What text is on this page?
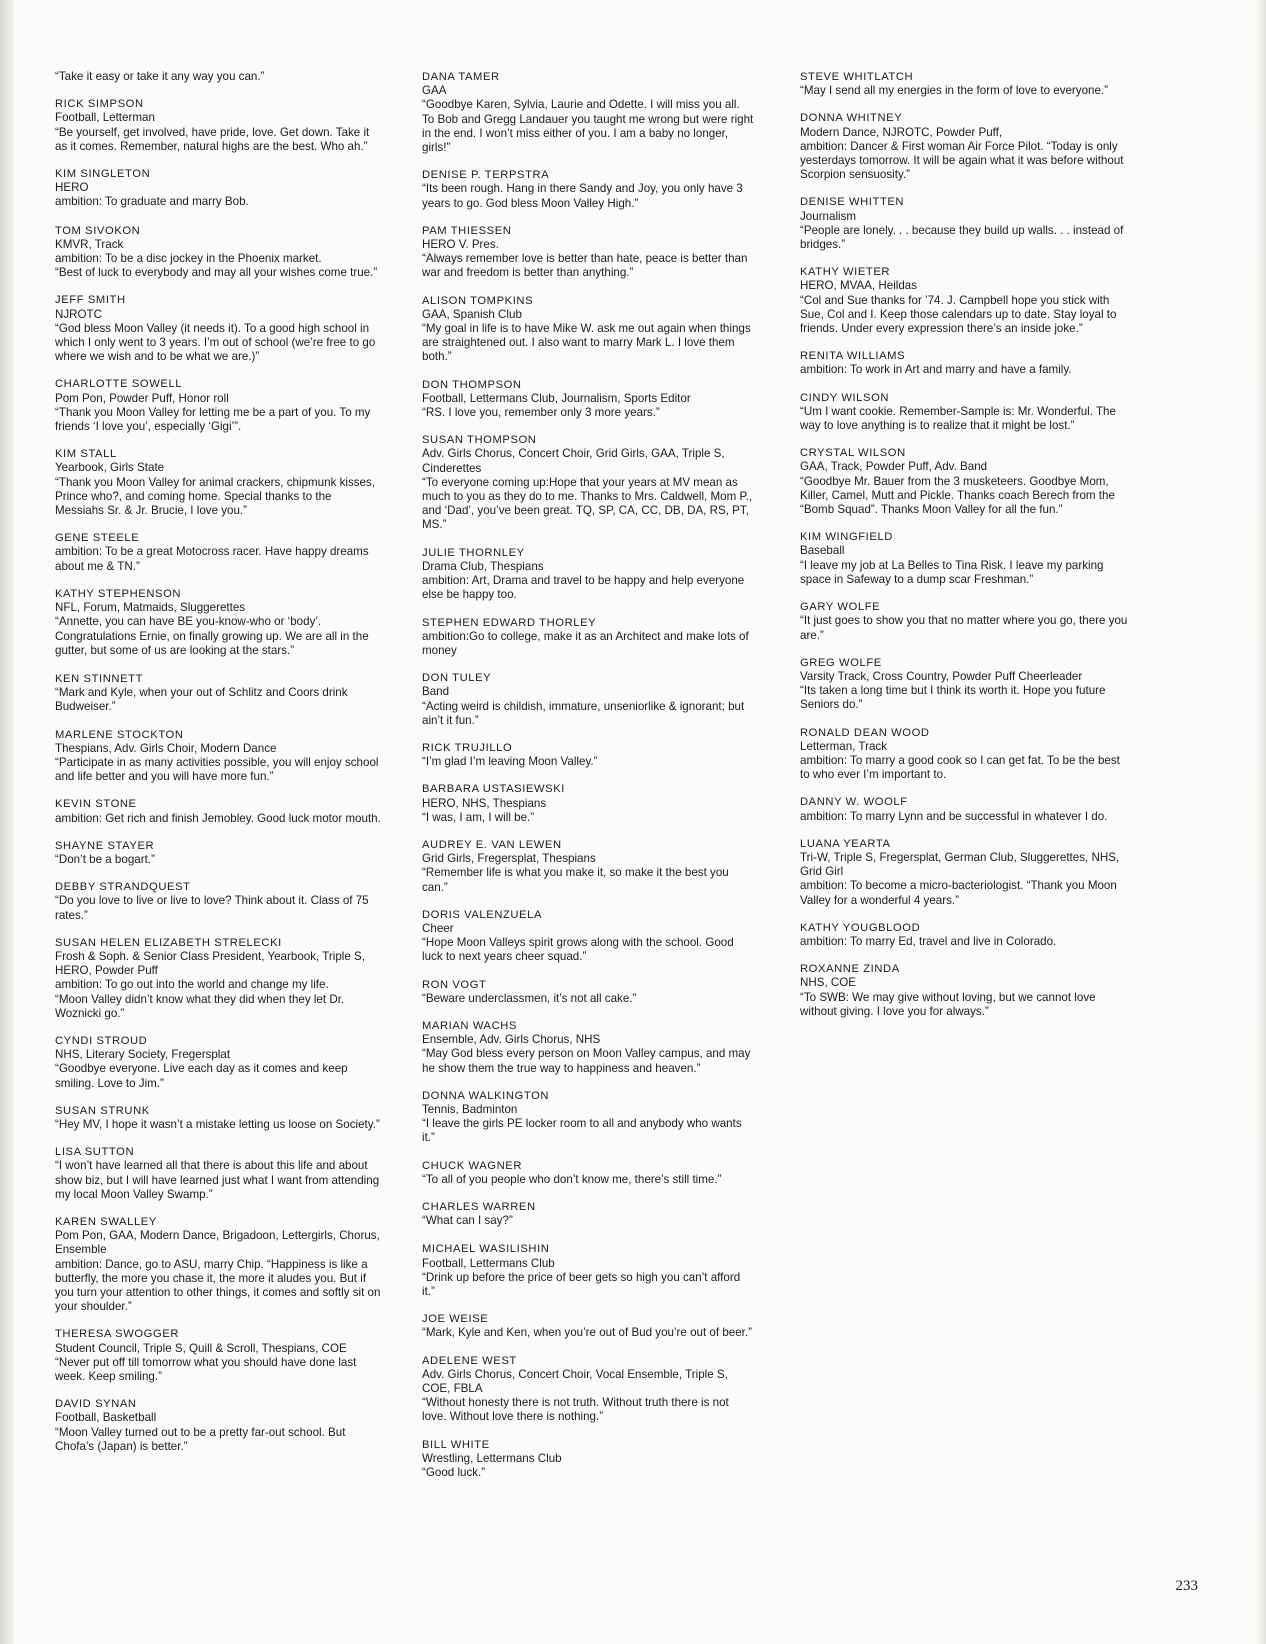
“Take it easy or take it any way you can.”
RICK SIMPSON
Football, Letterman
“Be yourself, get involved, have pride, love. Get down. Take it as it comes. Remember, natural highs are the best. Who ah.”
KIM SINGLETON
HERO
ambition: To graduate and marry Bob.
TOM SIVOKON
KMVR, Track
ambition: To be a disc jockey in the Phoenix market.
“Best of luck to everybody and may all your wishes come true.”
JEFF SMITH
NJROTC
“God bless Moon Valley (it needs it). To a good high school in which I only went to 3 years. I’m out of school (we’re free to go where we wish and to be what we are.)”
CHARLOTTE SOWELL
Pom Pon, Powder Puff, Honor roll
“Thank you Moon Valley for letting me be a part of you. To my friends ‘I love you’, especially ‘Gigi’”.
KIM STALL
Yearbook, Girls State
“Thank you Moon Valley for animal crackers, chipmunk kisses, Prince who?, and coming home. Special thanks to the Messiahs Sr. & Jr. Brucie, I love you.”
GENE STEELE
ambition: To be a great Motocross racer. Have happy dreams about me & TN.”
KATHY STEPHENSON
NFL, Forum, Matmaids, Sluggerettes
“Annette, you can have BE you-know-who or ‘body’. Congratulations Ernie, on finally growing up. We are all in the gutter, but some of us are looking at the stars.”
KEN STINNETT
“Mark and Kyle, when your out of Schlitz and Coors drink Budweiser.”
MARLENE STOCKTON
Thespians, Adv. Girls Choir, Modern Dance
“Participate in as many activities possible, you will enjoy school and life better and you will have more fun.”
KEVIN STONE
ambition: Get rich and finish Jemobley. Good luck motor mouth.
SHAYNE STAYER
“Don’t be a bogart.”
DEBBY STRANDQUEST
“Do you love to live or live to love? Think about it. Class of 75 rates.”
SUSAN HELEN ELIZABETH STRELECKI
Frosh & Soph. & Senior Class President, Yearbook, Triple S, HERO, Powder Puff
ambition: To go out into the world and change my life.
“Moon Valley didn’t know what they did when they let Dr. Woznicki go.”
CYNDI STROUD
NHS, Literary Society, Fregersplat
“Goodbye everyone. Live each day as it comes and keep smiling. Love to Jim.”
SUSAN STRUNK
“Hey MV, I hope it wasn’t a mistake letting us loose on Society.”
LISA SUTTON
“I won’t have learned all that there is about this life and about show biz, but I will have learned just what I want from attending my local Moon Valley Swamp.”
KAREN SWALLEY
Pom Pon, GAA, Modern Dance, Brigadoon, Lettergirls, Chorus, Ensemble
ambition: Dance, go to ASU, marry Chip. “Happiness is like a butterfly, the more you chase it, the more it aludes you. But if you turn your attention to other things, it comes and softly sit on your shoulder.”
THERESA SWOGGER
Student Council, Triple S, Quill & Scroll, Thespians, COE
“Never put off till tomorrow what you should have done last week. Keep smiling.”
DAVID SYNAN
Football, Basketball
“Moon Valley turned out to be a pretty far-out school. But Chofa’s (Japan) is better.”
DANA TAMER
GAA
“Goodbye Karen, Sylvia, Laurie and Odette. I will miss you all. To Bob and Gregg Landauer you taught me wrong but were right in the end. I won’t miss either of you. I am a baby no longer, girls!”
DENISE P. TERPSTRA
“Its been rough. Hang in there Sandy and Joy, you only have 3 years to go. God bless Moon Valley High.”
PAM THIESSEN
HERO V. Pres.
“Always remember love is better than hate, peace is better than war and freedom is better than anything.”
ALISON TOMPKINS
GAA, Spanish Club
“My goal in life is to have Mike W. ask me out again when things are straightened out. I also want to marry Mark L. I love them both.”
DON THOMPSON
Football, Lettermans Club, Journalism, Sports Editor
“RS. I love you, remember only 3 more years.”
SUSAN THOMPSON
Adv. Girls Chorus, Concert Choir, Grid Girls, GAA, Triple S, Cinderettes
“To everyone coming up:Hope that your years at MV mean as much to you as they do to me. Thanks to Mrs. Caldwell, Mom P., and ‘Dad’, you’ve been great. TQ, SP, CA, CC, DB, DA, RS, PT, MS.”
JULIE THORNLEY
Drama Club, Thespians
ambition: Art, Drama and travel to be happy and help everyone else be happy too.
STEPHEN EDWARD THORLEY
ambition:Go to college, make it as an Architect and make lots of money
DON TULEY
Band
“Acting weird is childish, immature, unseniorlike & ignorant; but ain’t it fun.”
RICK TRUJILLO
“I’m glad I’m leaving Moon Valley.”
BARBARA USTASIEWSKI
HERO, NHS, Thespians
“I was, I am, I will be.”
AUDREY E. VAN LEWEN
Grid Girls, Fregersplat, Thespians
“Remember life is what you make it, so make it the best you can.”
DORIS VALENZUELA
Cheer
“Hope Moon Valleys spirit grows along with the school. Good luck to next years cheer squad.”
RON VOGT
“Beware underclassmen, it’s not all cake.”
MARIAN WACHS
Ensemble, Adv. Girls Chorus, NHS
“May God bless every person on Moon Valley campus, and may he show them the true way to happiness and heaven.”
DONNA WALKINGTON
Tennis, Badminton
“I leave the girls PE locker room to all and anybody who wants it.”
CHUCK WAGNER
“To all of you people who don’t know me, there’s still time.”
CHARLES WARREN
“What can I say?”
MICHAEL WASILISHIN
Football, Lettermans Club
“Drink up before the price of beer gets so high you can’t afford it.”
JOE WEISE
“Mark, Kyle and Ken, when you’re out of Bud you’re out of beer.”
ADELENE WEST
Adv. Girls Chorus, Concert Choir, Vocal Ensemble, Triple S, COE, FBLA
“Without honesty there is not truth. Without truth there is not love. Without love there is nothing.”
BILL WHITE
Wrestling, Lettermans Club
“Good luck.”
STEVE WHITLATCH
“May I send all my energies in the form of love to everyone.”
DONNA WHITNEY
Modern Dance, NJROTC, Powder Puff,
ambition: Dancer & First woman Air Force Pilot. “Today is only yesterdays tomorrow. It will be again what it was before without Scorpion sensuosity.”
DENISE WHITTEN
Journalism
“People are lonely. . . because they build up walls. . . instead of bridges.”
KATHY WIETER
HERO, MVAA, Heildas
“Col and Sue thanks for ’74. J. Campbell hope you stick with Sue, Col and I. Keep those calendars up to date. Stay loyal to friends. Under every expression there’s an inside joke.”
RENITA WILLIAMS
ambition: To work in Art and marry and have a family.
CINDY WILSON
“Um I want cookie. Remember-Sample is: Mr. Wonderful. The way to love anything is to realize that it might be lost.”
CRYSTAL WILSON
GAA, Track, Powder Puff, Adv. Band
“Goodbye Mr. Bauer from the 3 musketeers. Goodbye Mom, Killer, Camel, Mutt and Pickle. Thanks coach Berech from the “Bomb Squad”. Thanks Moon Valley for all the fun.”
KIM WINGFIELD
Baseball
“I leave my job at La Belles to Tina Risk. I leave my parking space in Safeway to a dump scar Freshman.”
GARY WOLFE
“It just goes to show you that no matter where you go, there you are.”
GREG WOLFE
Varsity Track, Cross Country, Powder Puff Cheerleader
“Its taken a long time but I think its worth it. Hope you future Seniors do.”
RONALD DEAN WOOD
Letterman, Track
ambition: To marry a good cook so I can get fat. To be the best to who ever I’m important to.
DANNY W. WOOLF
ambition: To marry Lynn and be successful in whatever I do.
LUANA YEARTA
Tri-W, Triple S, Fregersplat, German Club, Sluggerettes, NHS, Grid Girl
ambition: To become a micro-bacteriologist. “Thank you Moon Valley for a wonderful 4 years.”
KATHY YOUGBLOOD
ambition: To marry Ed, travel and live in Colorado.
ROXANNE ZINDA
NHS, COE
“To SWB: We may give without loving, but we cannot love without giving. I love you for always.”
233
